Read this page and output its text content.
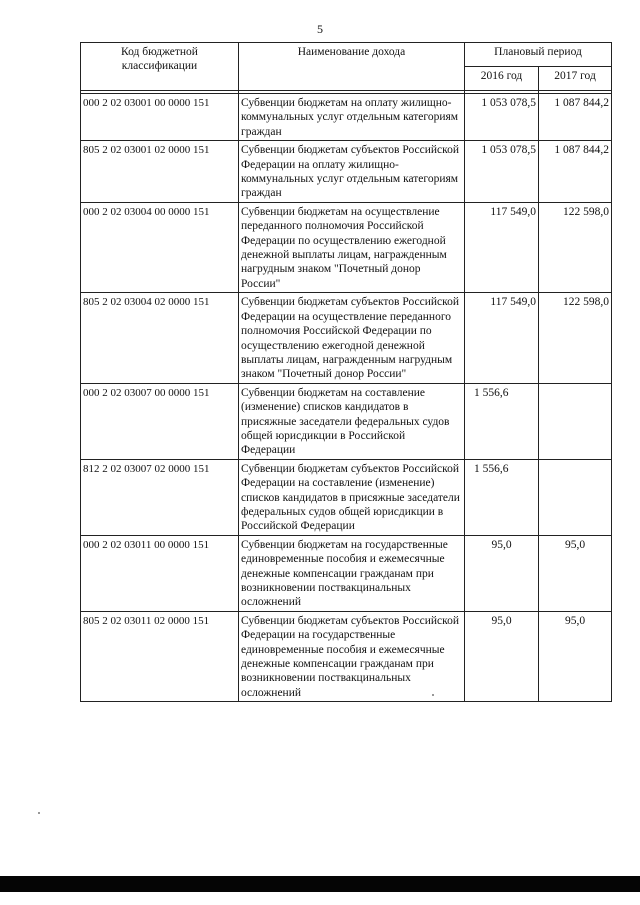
5
Код бюджетной классификации	Наименование дохода	Плановый период	
		2016 год	2017 год

000 2 02 03001 00 0000 151	Субвенции бюджетам на оплату жилищно-коммунальных услуг отдельным категориям граждан	1 053 078,5	1 087 844,2
805 2 02 03001 02 0000 151	Субвенции бюджетам субъектов Российской Федерации на оплату жилищно-коммунальных услуг отдельным категориям граждан	1 053 078,5	1 087 844,2
000 2 02 03004 00 0000 151	Субвенции бюджетам на осуществление переданного полномочия Российской Федерации по осуществлению ежегодной денежной выплаты лицам, награжденным нагрудным знаком "Почетный донор России"	117 549,0	122 598,0
805 2 02 03004 02 0000 151	Субвенции бюджетам субъектов Российской Федерации на осуществление переданного полномочия Российской Федерации по осуществлению ежегодной денежной выплаты лицам, награжденным нагрудным знаком "Почетный донор России"	117 549,0	122 598,0
000 2 02 03007 00 0000 151	Субвенции бюджетам на составление (изменение) списков кандидатов в присяжные заседатели федеральных судов общей юрисдикции в Российской Федерации	1 556,6	
812 2 02 03007 02 0000 151	Субвенции бюджетам субъектов Российской Федерации на составление (изменение) списков кандидатов в присяжные заседатели федеральных судов общей юрисдикции в Российской Федерации	1 556,6	
000 2 02 03011 00 0000 151	Субвенции бюджетам на государственные единовременные пособия и ежемесячные денежные компенсации гражданам при возникновении поствакцинальных осложнений	95,0	95,0
805 2 02 03011 02 0000 151	Субвенции бюджетам субъектов Российской Федерации на государственные единовременные пособия и ежемесячные денежные компенсации гражданам при возникновении поствакцинальных осложнений	95,0	95,0
